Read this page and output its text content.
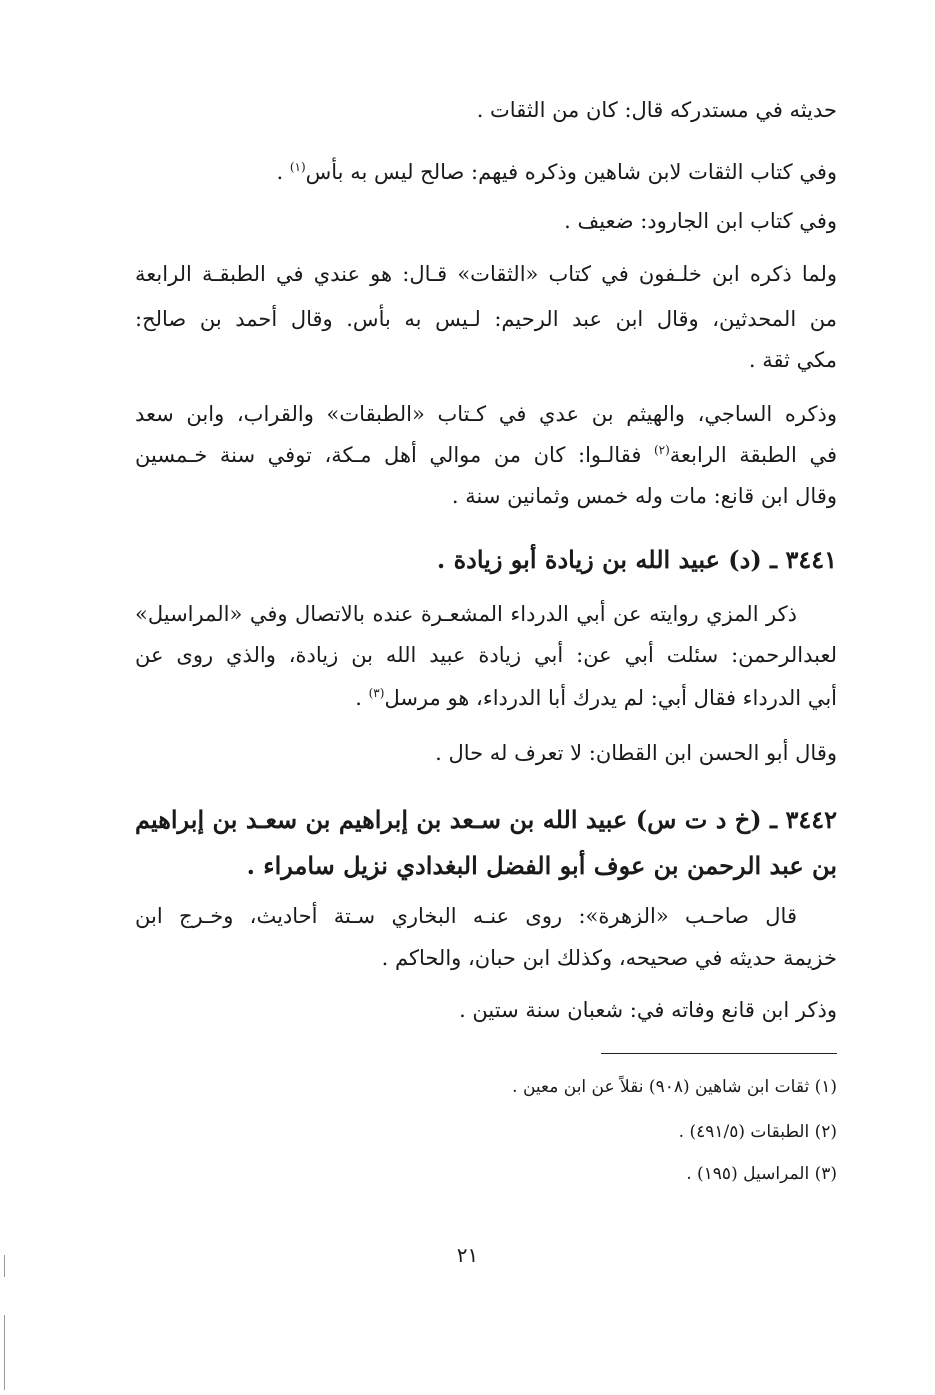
حديثه في مستدركه قال: كان من الثقات .
وفي كتاب الثقات لابن شاهين وذكره فيهم: صالح ليس به بأس$^{(١)}$ .
وفي كتاب ابن الجارود: ضعيف .
ولما ذكره ابن خلـفون في كتاب «الثقات» قـال: هو عندي في الطبقـة الرابعة
من المحدثين، وقال ابن عبد الرحيم: لـيس به بأس. وقال أحمد بن صالح:
مكي ثقة .
وذكره الساجي، والهيثم بن عدي في كـتاب «الطبقات» والقراب، وابن سعد
في الطبقة الرابعة$^{(٢)}$ فقالـوا: كان من موالي أهل مـكة، توفي سنة خـمسين
وقال ابن قانع: مات وله خمس وثمانين سنة .
٣٤٤١ ـ (د) عبيد الله بن زيادة أبو زيادة .
ذكر المزي روايته عن أبي الدرداء المشعـرة عنده بالاتصال وفي «المراسيل»
لعبدالرحمن: سئلت أبي عن: أبي زيادة عبيد الله بن زيادة، والذي روى عن
أبي الدرداء فقال أبي: لم يدرك أبا الدرداء، هو مرسل$^{(٣)}$ .
وقال أبو الحسن ابن القطان: لا تعرف له حال .
٣٤٤٢ ـ (خ د ت س) عبيد الله بن سـعد بن إبراهيم بن سعـد بن إبراهيم
بن عبد الرحمن بن عوف أبو الفضل البغدادي نزيل سامراء .
قال صاحـب «الزهرة»: روى عنـه البخاري سـتة أحاديث، وخـرج ابن
خزيمة حديثه في صحيحه، وكذلك ابن حبان، والحاكم .
وذكر ابن قانع وفاته في: شعبان سنة ستين .
(١) ثقات ابن شاهين (٩٠٨) نقلاً عن ابن معين .
(٢) الطبقات (٤٩١/٥) .
(٣) المراسيل (١٩٥) .
٢١
